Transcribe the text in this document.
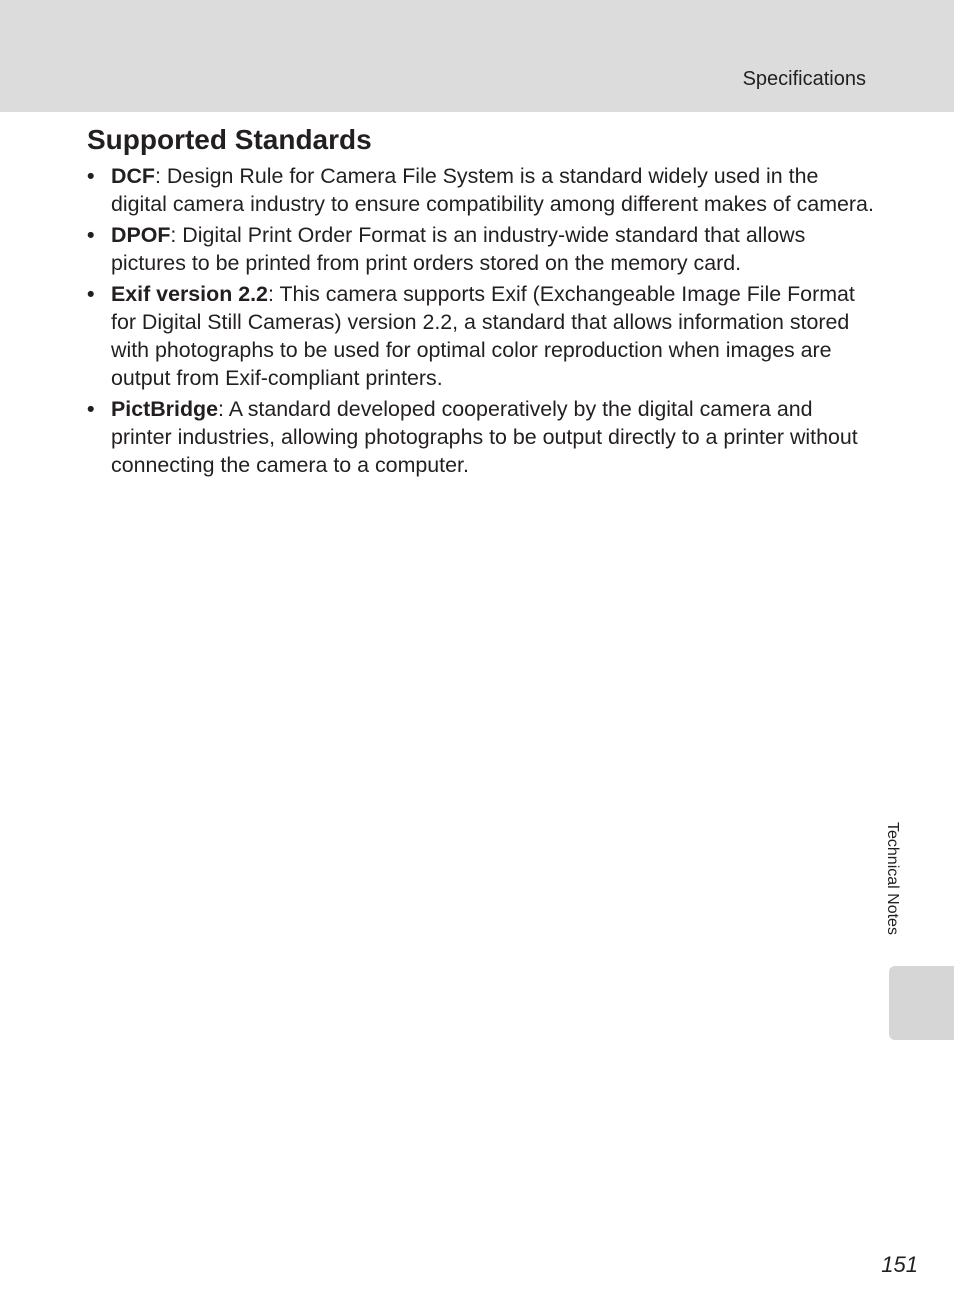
Specifications
Supported Standards
• DCF: Design Rule for Camera File System is a standard widely used in the digital camera industry to ensure compatibility among different makes of camera.
• DPOF: Digital Print Order Format is an industry-wide standard that allows pictures to be printed from print orders stored on the memory card.
• Exif version 2.2: This camera supports Exif (Exchangeable Image File Format for Digital Still Cameras) version 2.2, a standard that allows information stored with photographs to be used for optimal color reproduction when images are output from Exif-compliant printers.
• PictBridge: A standard developed cooperatively by the digital camera and printer industries, allowing photographs to be output directly to a printer without connecting the camera to a computer.
Technical Notes
151
